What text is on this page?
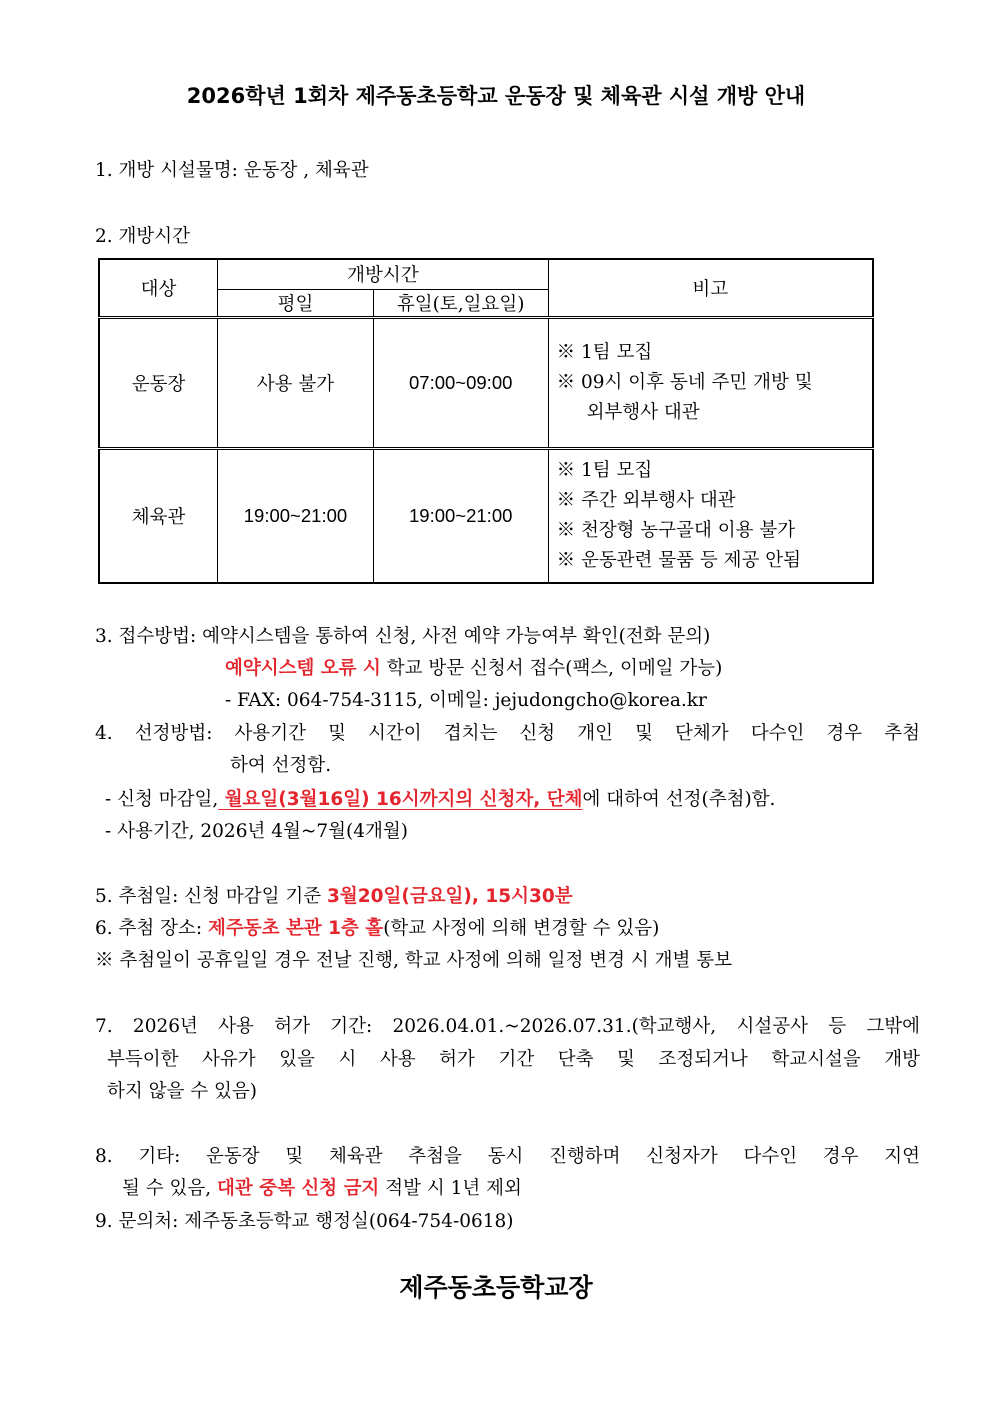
2026학년 1회차 제주동초등학교 운동장 및 체육관 시설 개방 안내
1. 개방 시설물명: 운동장 , 체육관
2. 개방시간
대상	개방시간		비고
	평일	휴일(토,일요일)	
운동장	사용 불가	07:00~09:00	※ 1팀 모집
※ 09시 이후 동네 주민 개방 및
외부행사 대관

체육관	19:00~21:00	19:00~21:00	※ 1팀 모집
※ 주간 외부행사 대관
※ 천장형 농구골대 이용 불가
※ 운동관련 물품 등 제공 안됨
3. 접수방법: 예약시스템을 통하여 신청, 사전 예약 가능여부 확인(전화 문의)
예약시스템 오류 시 학교 방문 신청서 접수(팩스, 이메일 가능)
- FAX: 064-754-3115, 이메일: jejudongcho@korea.kr
4. 선정방법: 사용기간 및 시간이 겹치는 신청 개인 및 단체가 다수인 경우 추첨
하여 선정함.
- 신청 마감일, 월요일(3월16일) 16시까지의 신청자, 단체에 대하여 선정(추첨)함.
- 사용기간, 2026년 4월~7월(4개월)
5. 추첨일: 신청 마감일 기준 3월20일(금요일), 15시30분
6. 추첨 장소: 제주동초 본관 1층 홀(학교 사정에 의해 변경할 수 있음)
※ 추첨일이 공휴일일 경우 전날 진행, 학교 사정에 의해 일정 변경 시 개별 통보
7. 2026년 사용 허가 기간: 2026.04.01.~2026.07.31.(학교행사, 시설공사 등 그밖에
부득이한 사유가 있을 시 사용 허가 기간 단축 및 조정되거나 학교시설을 개방
하지 않을 수 있음)
8. 기타: 운동장 및 체육관 추첨을 동시 진행하며 신청자가 다수인 경우 지연
될 수 있음, 대관 중복 신청 금지 적발 시 1년 제외
9. 문의처: 제주동초등학교 행정실(064-754-0618)
제주동초등학교장
